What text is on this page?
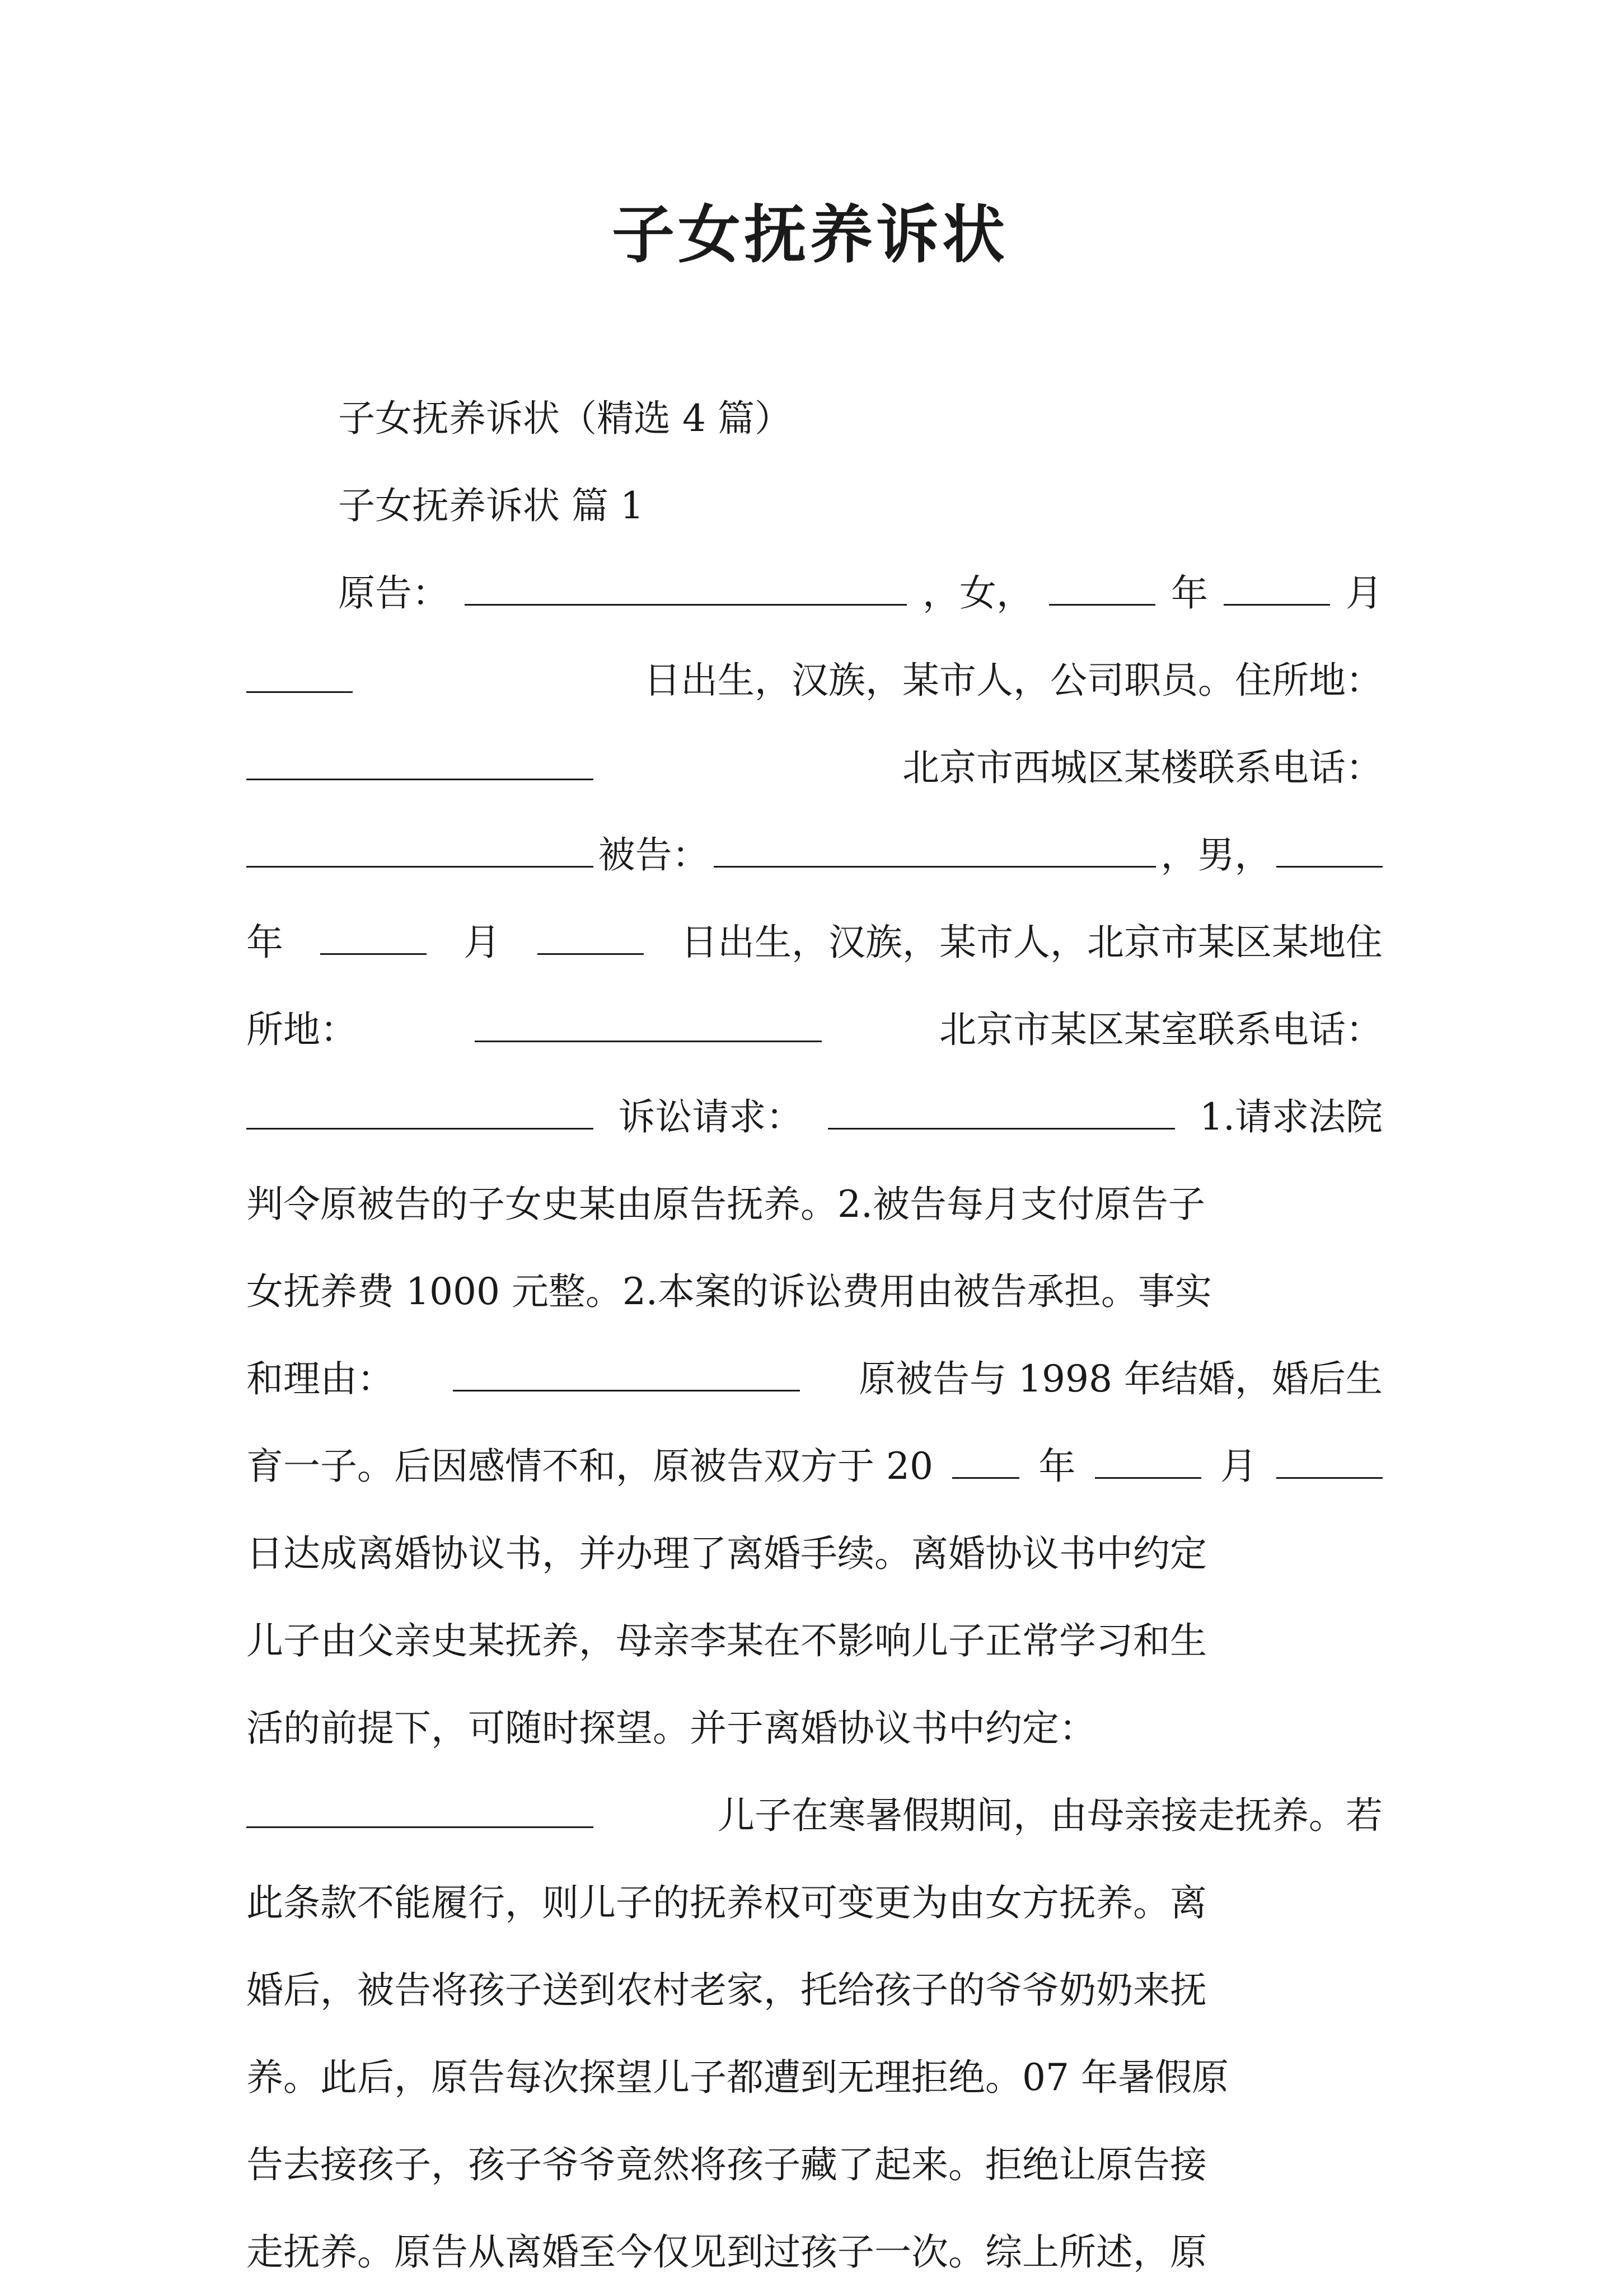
子女抚养诉状
子女抚养诉状（精选 4 篇）
子女抚养诉状 篇 1
原告：	，女，	年	月
日出生，汉族，某市人，公司职员。住所地：
北京市西城区某楼联系电话：
被告：	，男，
年	月	日出生，汉族，某市人，北京市某区某地住
所地：	北京市某区某室联系电话：
诉讼请求：	1.请求法院
判令原被告的子女史某由原告抚养。2.被告每月支付原告子
女抚养费 1000 元整。2.本案的诉讼费用由被告承担。事实
和理由：	原被告与 1998 年结婚，婚后生
育一子。后因感情不和，原被告双方于 20	年	月
日达成离婚协议书，并办理了离婚手续。离婚协议书中约定
儿子由父亲史某抚养，母亲李某在不影响儿子正常学习和生
活的前提下，可随时探望。并于离婚协议书中约定：
儿子在寒暑假期间，由母亲接走抚养。若
此条款不能履行，则儿子的抚养权可变更为由女方抚养。离
婚后，被告将孩子送到农村老家，托给孩子的爷爷奶奶来抚
养。此后，原告每次探望儿子都遭到无理拒绝。07 年暑假原
告去接孩子，孩子爷爷竟然将孩子藏了起来。拒绝让原告接
走抚养。原告从离婚至今仅见到过孩子一次。综上所述，原
